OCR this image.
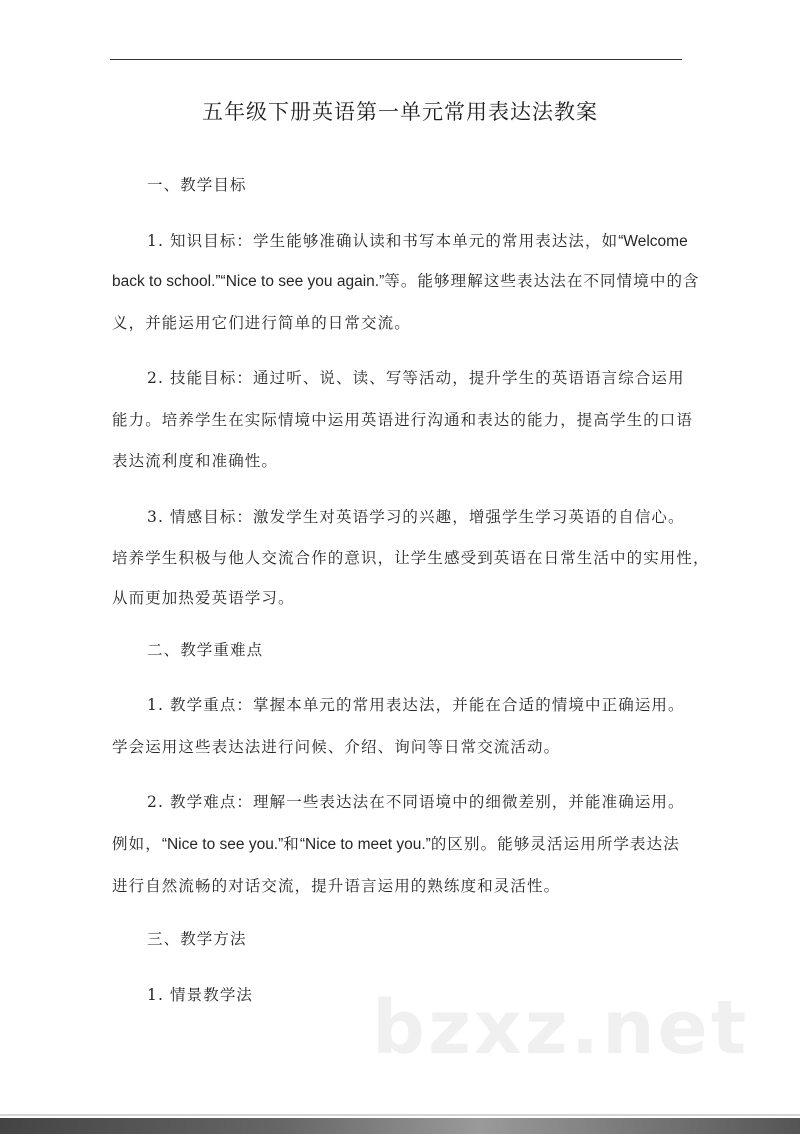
五年级下册英语第一单元常用表达法教案
一、教学目标
1. 知识目标：学生能够准确认读和书写本单元的常用表达法，如“Welcome
back to school.”“Nice to see you again.”等。能够理解这些表达法在不同情境中的含
义，并能运用它们进行简单的日常交流。
2. 技能目标：通过听、说、读、写等活动，提升学生的英语语言综合运用
能力。培养学生在实际情境中运用英语进行沟通和表达的能力，提高学生的口语
表达流利度和准确性。
3. 情感目标：激发学生对英语学习的兴趣，增强学生学习英语的自信心。
培养学生积极与他人交流合作的意识，让学生感受到英语在日常生活中的实用性，
从而更加热爱英语学习。
二、教学重难点
1. 教学重点：掌握本单元的常用表达法，并能在合适的情境中正确运用。
学会运用这些表达法进行问候、介绍、询问等日常交流活动。
2. 教学难点：理解一些表达法在不同语境中的细微差别，并能准确运用。
例如，“Nice to see you.”和“Nice to meet you.”的区别。能够灵活运用所学表达法
进行自然流畅的对话交流，提升语言运用的熟练度和灵活性。
三、教学方法
1. 情景教学法 bzxz.net
